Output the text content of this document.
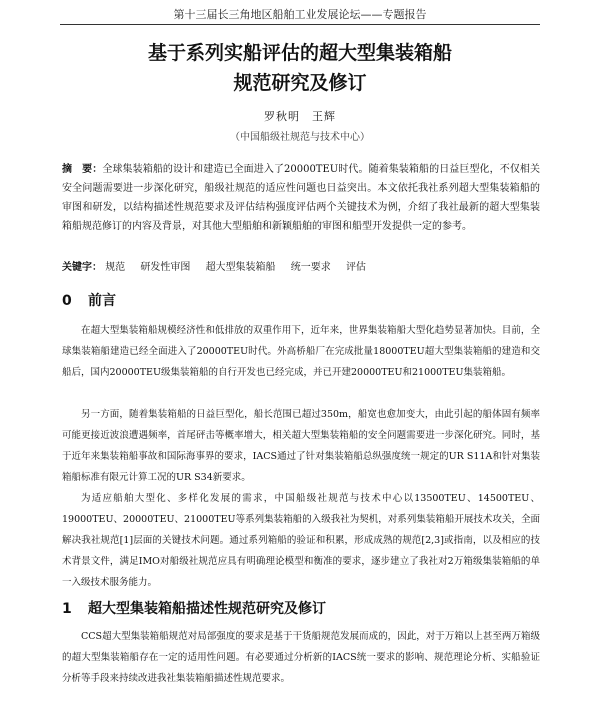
第十三届长三角地区船舶工业发展论坛——专题报告
基于系列实船评估的超大型集装箱船
规范研究及修订
罗秋明　王辉
（中国船级社规范与技术中心）
摘　要：全球集装箱船的设计和建造已全面进入了20000TEU时代。随着集装箱船的日益巨型化，不仅相关安全问题需要进一步深化研究，船级社规范的适应性问题也日益突出。本文依托我社系列超大型集装箱船的审图和研发，以结构描述性规范要求及评估结构强度评估两个关键技术为例，介绍了我社最新的超大型集装箱船规范修订的内容及背景，对其他大型船舶和新颖船舶的审图和船型开发提供一定的参考。
关键字： 规范 研发性审图 超大型集装箱船 统一要求 评估
0 前言
在超大型集装箱船规模经济性和低排放的双重作用下，近年来，世界集装箱船大型化趋势显著加快。目前，全球集装箱船建造已经全面进入了20000TEU时代。外高桥船厂在完成批量18000TEU超大型集装箱船的建造和交船后，国内20000TEU级集装箱船的自行开发也已经完成，并已开建20000TEU和21000TEU集装箱船。
另一方面，随着集装箱船的日益巨型化，船长范围已超过350m，船宽也愈加变大，由此引起的船体固有频率可能更接近波浪遭遇频率，首尾砰击等概率增大，相关超大型集装箱船的安全问题需要进一步深化研究。同时，基于近年来集装箱船事故和国际海事界的要求，IACS通过了针对集装箱船总纵强度统一规定的UR S11A和针对集装箱船标准有限元计算工况的UR S34新要求。
为适应船舶大型化、多样化发展的需求，中国船级社规范与技术中心以13500TEU、14500TEU、19000TEU、20000TEU、21000TEU等系列集装箱船的入级我社为契机，对系列集装箱船开展技术攻关，全面解决我社规范[1]层面的关键技术问题。通过系列箱船的验证和积累，形成成熟的规范[2,3]或指南，以及相应的技术背景文件，满足IMO对船级社规范应具有明确理论模型和衡准的要求，逐步建立了我社对2万箱级集装箱船的单一入级技术服务能力。
1 超大型集装箱船描述性规范研究及修订
CCS超大型集装箱船规范对局部强度的要求是基于干货船规范发展而成的，因此，对于万箱以上甚至两万箱级的超大型集装箱船存在一定的适用性问题。有必要通过分析新的IACS统一要求的影响、规范理论分析、实船验证分析等手段来持续改进我社集装箱船描述性规范要求。
